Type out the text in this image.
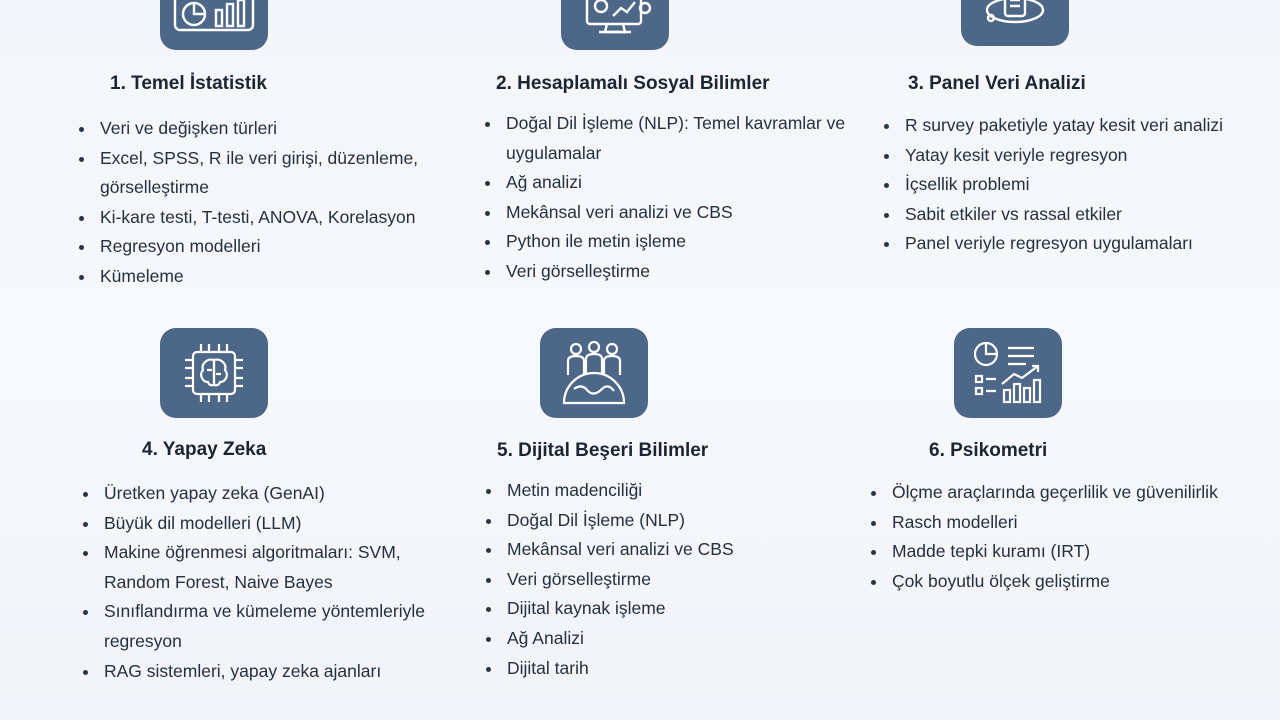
1. Temel İstatistik
Veri ve değişken türleri
Excel, SPSS, R ile veri girişi, düzenleme, görselleştirme
Ki-kare testi, T-testi, ANOVA, Korelasyon
Regresyon modelleri
Kümeleme
2. Hesaplamalı Sosyal Bilimler
Doğal Dil İşleme (NLP): Temel kavramlar ve uygulamalar
Ağ analizi
Mekânsal veri analizi ve CBS
Python ile metin işleme
Veri görselleştirme
3. Panel Veri Analizi
R survey paketiyle yatay kesit veri analizi
Yatay kesit veriyle regresyon
İçsellik problemi
Sabit etkiler vs rassal etkiler
Panel veriyle regresyon uygulamaları
4. Yapay Zeka
Üretken yapay zeka (GenAI)
Büyük dil modelleri (LLM)
Makine öğrenmesi algoritmaları: SVM, Random Forest, Naive Bayes
Sınıflandırma ve kümeleme yöntemleriyle regresyon
RAG sistemleri, yapay zeka ajanları
5. Dijital Beşeri Bilimler
Metin madenciliği
Doğal Dil İşleme (NLP)
Mekânsal veri analizi ve CBS
Veri görselleştirme
Dijital kaynak işleme
Ağ Analizi
Dijital tarih
6. Psikometri
Ölçme araçlarında geçerlilik ve güvenilirlik
Rasch modelleri
Madde tepki kuramı (IRT)
Çok boyutlu ölçek geliştirme
